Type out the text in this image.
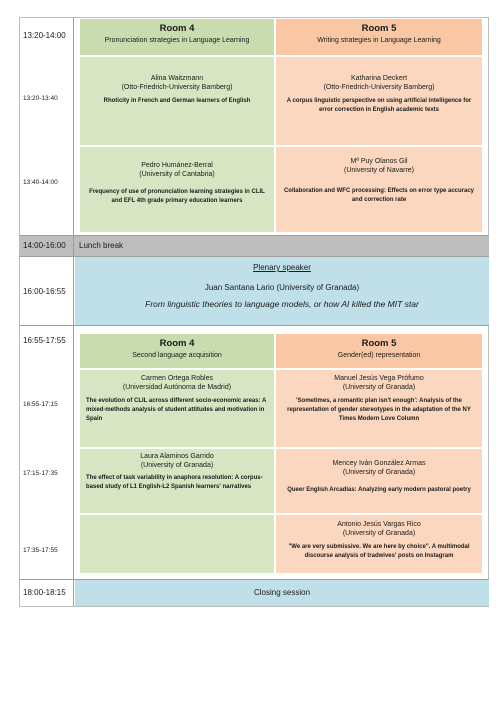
13:20-14:00
13:20-13:40
13:40-14:00
Room 4
Pronunciation strategies in Language Learning
Room 5
Writing strategies in Language Learning
Alina Waitzmann
(Otto-Friedrich-University Bamberg)
Rhoticity in French and German learners of English
Katharina Deckert
(Otto-Friedrich-University Bamberg)
A corpus linguistic perspective on using artificial intelligence for error correction in English academic texts
Pedro Humánez-Berral
(University of Cantabria)
Frequency of use of pronunciation learning strategies in CLIL and EFL 4th grade primary education learners
Mª Puy Olanos Gil
(University of Navarre)
Collaboration and WFC processing: Effects on error type accuracy and correction rate
14:00-16:00 Lunch break
16:00-16:55
Plenary speaker
Juan Santana Lario (University of Granada)
From linguistic theories to language models, or how AI killed the MIT star
16:55-17:55
16:55-17:15
17:15-17:35
17:35-17:55
Room 4
Second language acquisition
Room 5
Gender(ed) representation
Carmen Ortega Robles
(Universidad Autónoma de Madrid)
The evolution of CLIL across different socio-economic areas: A mixed-methods analysis of student attitudes and motivation in Spain
Manuel Jesús Vega Prófumo
(University of Granada)
'Sometimes, a romantic plan isn't enough': Analysis of the representation of gender stereotypes in the adaptation of the NY Times Modern Love Column
Laura Alaminos Garrido
(University of Granada)
The effect of task variability in anaphora resolution: A corpus-based study of L1 English-L2 Spanish learners' narratives
Mencey Iván González Armas
(University of Granada)
Queer English Arcadias: Analyzing early modern pastoral poetry
Antonio Jesús Vargas Rico
(University of Granada)
"We are very submissive. We are here by choice". A multimodal discourse analysis of tradwives' posts on Instagram
18:00-18:15	Closing session
